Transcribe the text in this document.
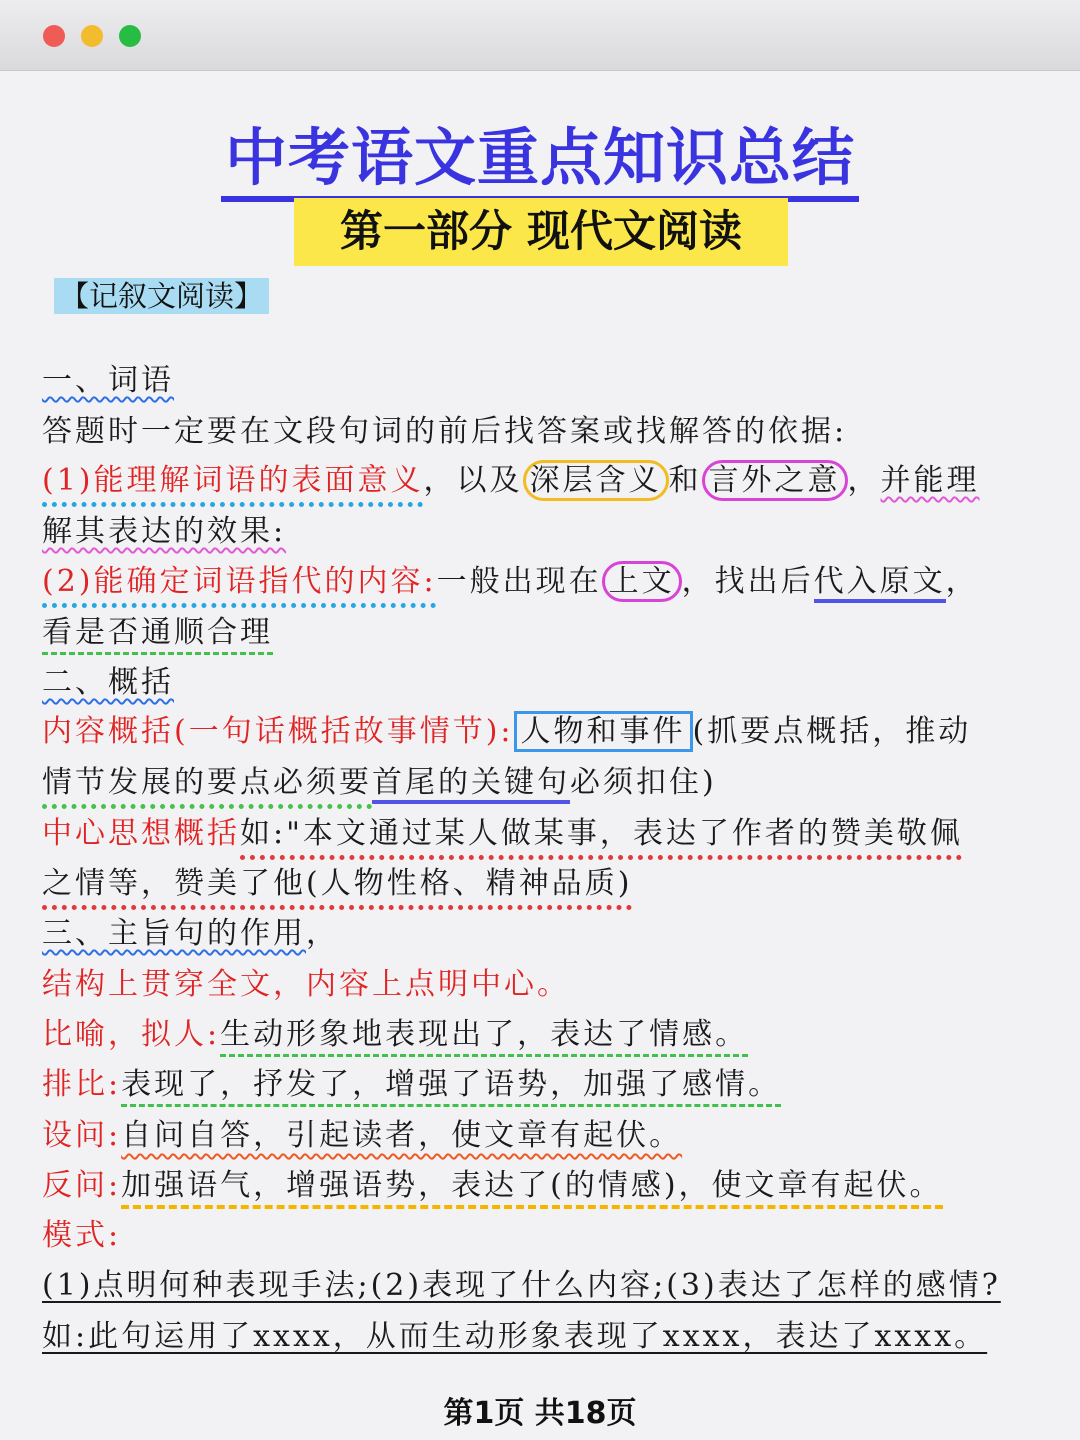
中考语文重点知识总结
第一部分 现代文阅读
【记叙文阅读】
一、词语
答题时一定要在文段句词的前后找答案或找解答的依据:
(1)能理解词语的表面意义，以及 深层含义 和 言外之意 ，并能理
解其表达的效果:
(2)能确定词语指代的内容:一般出现在 上文 ，找出后代入原文，
看是否通顺合理
二、概括
内容概括(一句话概括故事情节): 人物和事件 (抓要点概括，推动
情节发展的要点必须要首尾的关键句必须扣住)
中心思想概括如:"本文通过某人做某事，表达了作者的赞美敬佩
之情等，赞美了他(人物性格、精神品质)
三、主旨句的作用，
结构上贯穿全文，内容上点明中心。
比喻，拟人:生动形象地表现出了，表达了情感。
排比:表现了，抒发了，增强了语势，加强了感情。
设问:自问自答，引起读者，使文章有起伏。
反问:加强语气，增强语势，表达了(的情感)，使文章有起伏。
模式:
(1)点明何种表现手法;(2)表现了什么内容;(3)表达了怎样的感情?
如:此句运用了xxxx，从而生动形象表现了xxxx，表达了xxxx。
第1页 共18页
